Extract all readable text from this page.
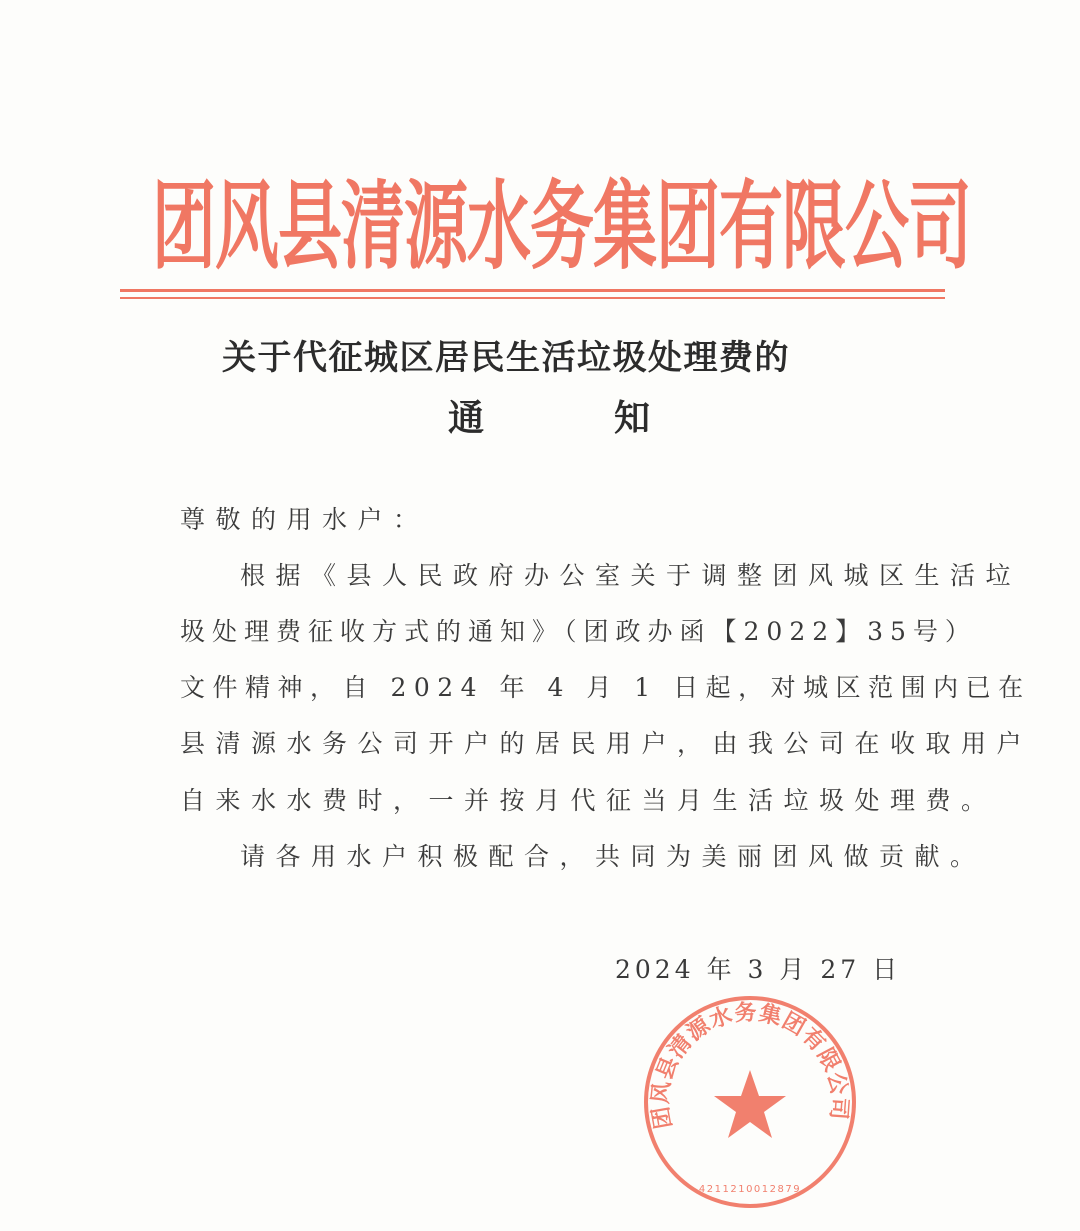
团风县清源水务集团有限公司
关于代征城区居民生活垃圾处理费的
通	知
尊敬的用水户：
根据《县人民政府办公室关于调整团风城区生活垃
圾处理费征收方式的通知》（团政办函【2022】35号）
文件精神，自 2024 年 4 月 1 日起，对城区范围内已在
县清源水务公司开户的居民用户，由我公司在收取用户
自来水水费时，一并按月代征当月生活垃圾处理费。
请各用水户积极配合，共同为美丽团风做贡献。
2024 年 3 月 27 日
团风县清源水务集团有限公司
4211210012879
